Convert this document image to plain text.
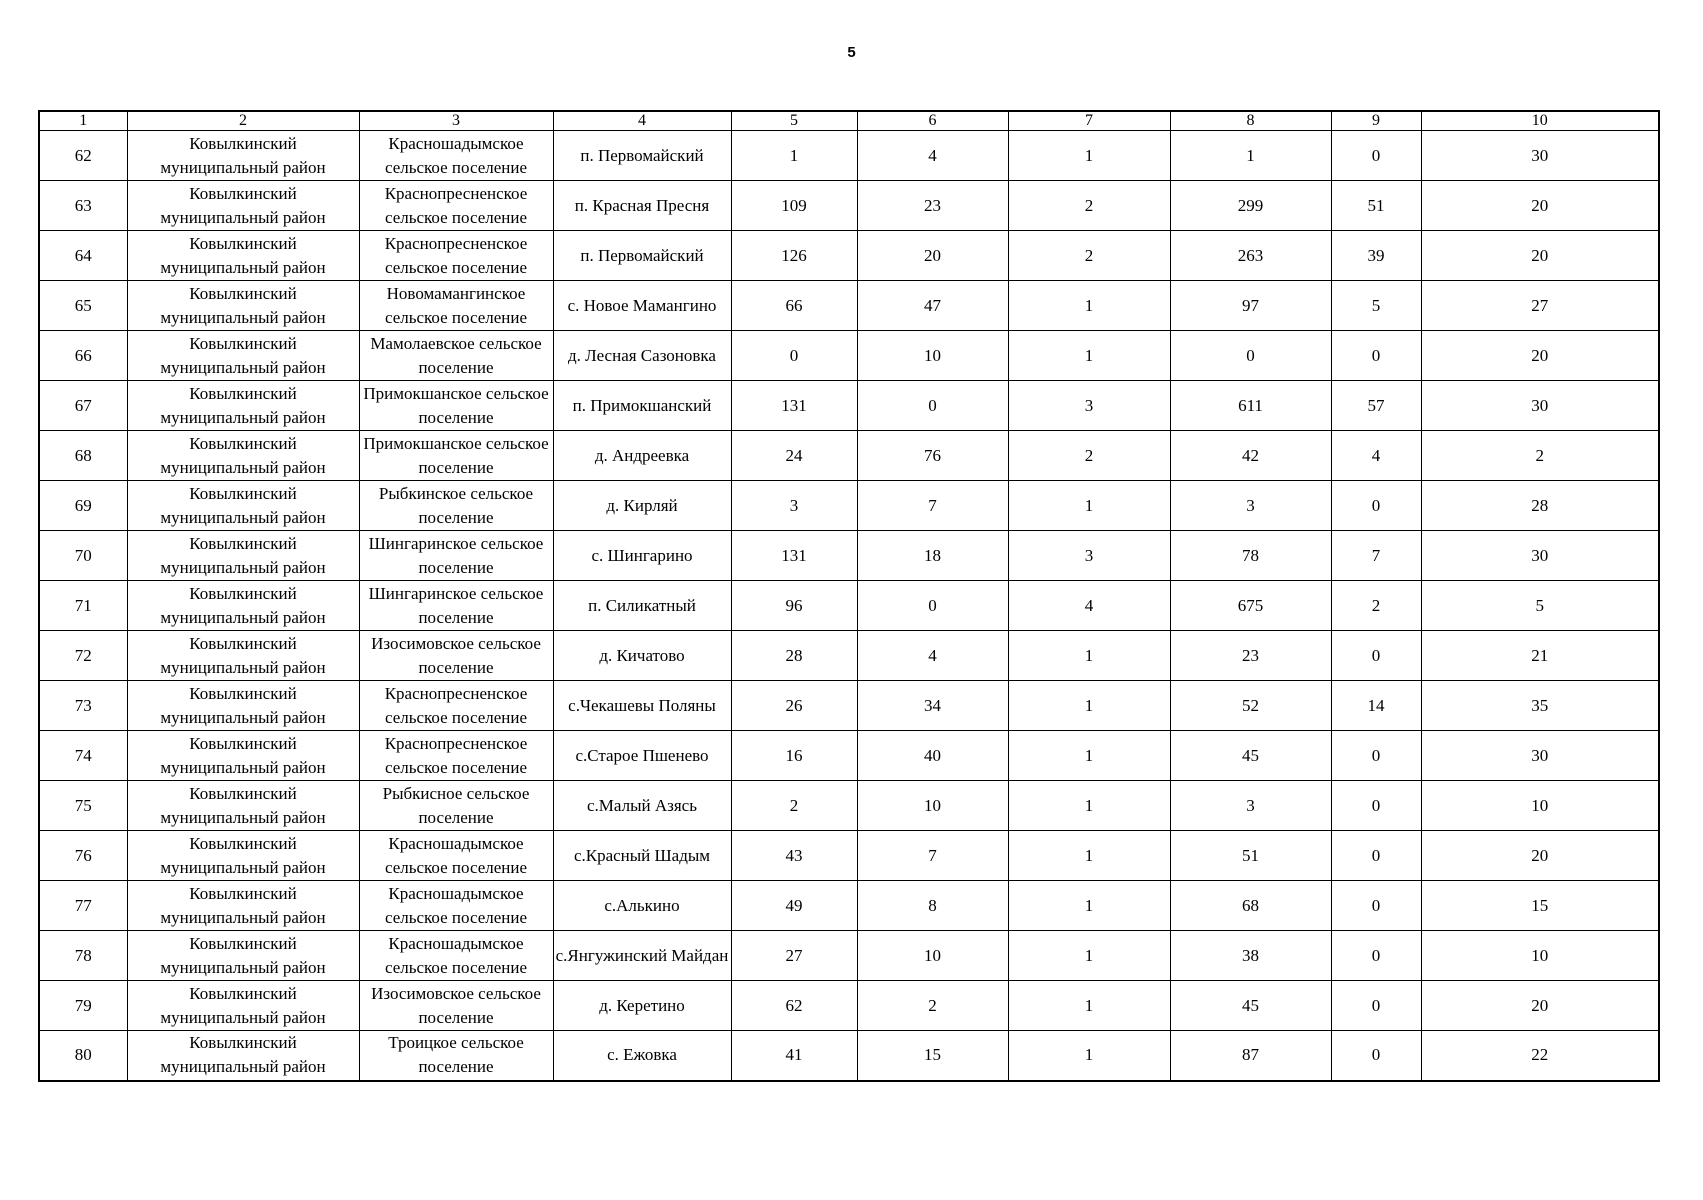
5
1	2	3	4	5	6	7	8	9	10
62	Ковылкинский муниципальный район	Красношадымское сельское поселение	п. Первомайский	1	4	1	1	0	30
63	Ковылкинский муниципальный район	Краснопресненское сельское поселение	п. Красная Пресня	109	23	2	299	51	20
64	Ковылкинский муниципальный район	Краснопресненское сельское поселение	п. Первомайский	126	20	2	263	39	20
65	Ковылкинский муниципальный район	Новомамангинское сельское поселение	с. Новое Мамангино	66	47	1	97	5	27
66	Ковылкинский муниципальный район	Мамолаевское сельское поселение	д. Лесная Сазоновка	0	10	1	0	0	20
67	Ковылкинский муниципальный район	Примокшанское сельское поселение	п. Примокшанский	131	0	3	611	57	30
68	Ковылкинский муниципальный район	Примокшанское сельское поселение	д. Андреевка	24	76	2	42	4	2
69	Ковылкинский муниципальный район	Рыбкинское сельское поселение	д. Кирляй	3	7	1	3	0	28
70	Ковылкинский муниципальный район	Шингаринское сельское поселение	с. Шингарино	131	18	3	78	7	30
71	Ковылкинский муниципальный район	Шингаринское сельское поселение	п. Силикатный	96	0	4	675	2	5
72	Ковылкинский муниципальный район	Изосимовское сельское поселение	д. Кичатово	28	4	1	23	0	21
73	Ковылкинский муниципальный район	Краснопресненское сельское поселение	с.Чекашевы Поляны	26	34	1	52	14	35
74	Ковылкинский муниципальный район	Краснопресненское сельское поселение	с.Старое Пшенево	16	40	1	45	0	30
75	Ковылкинский муниципальный район	Рыбкисное сельское поселение	с.Малый Азясь	2	10	1	3	0	10
76	Ковылкинский муниципальный район	Красношадымское сельское поселение	с.Красный Шадым	43	7	1	51	0	20
77	Ковылкинский муниципальный район	Красношадымское сельское поселение	с.Алькино	49	8	1	68	0	15
78	Ковылкинский муниципальный район	Красношадымское сельское поселение	с.Янгужинский Майдан	27	10	1	38	0	10
79	Ковылкинский муниципальный район	Изосимовское сельское поселение	д. Керетино	62	2	1	45	0	20
80	Ковылкинский муниципальный район	Троицкое сельское поселение	с. Ежовка	41	15	1	87	0	22
